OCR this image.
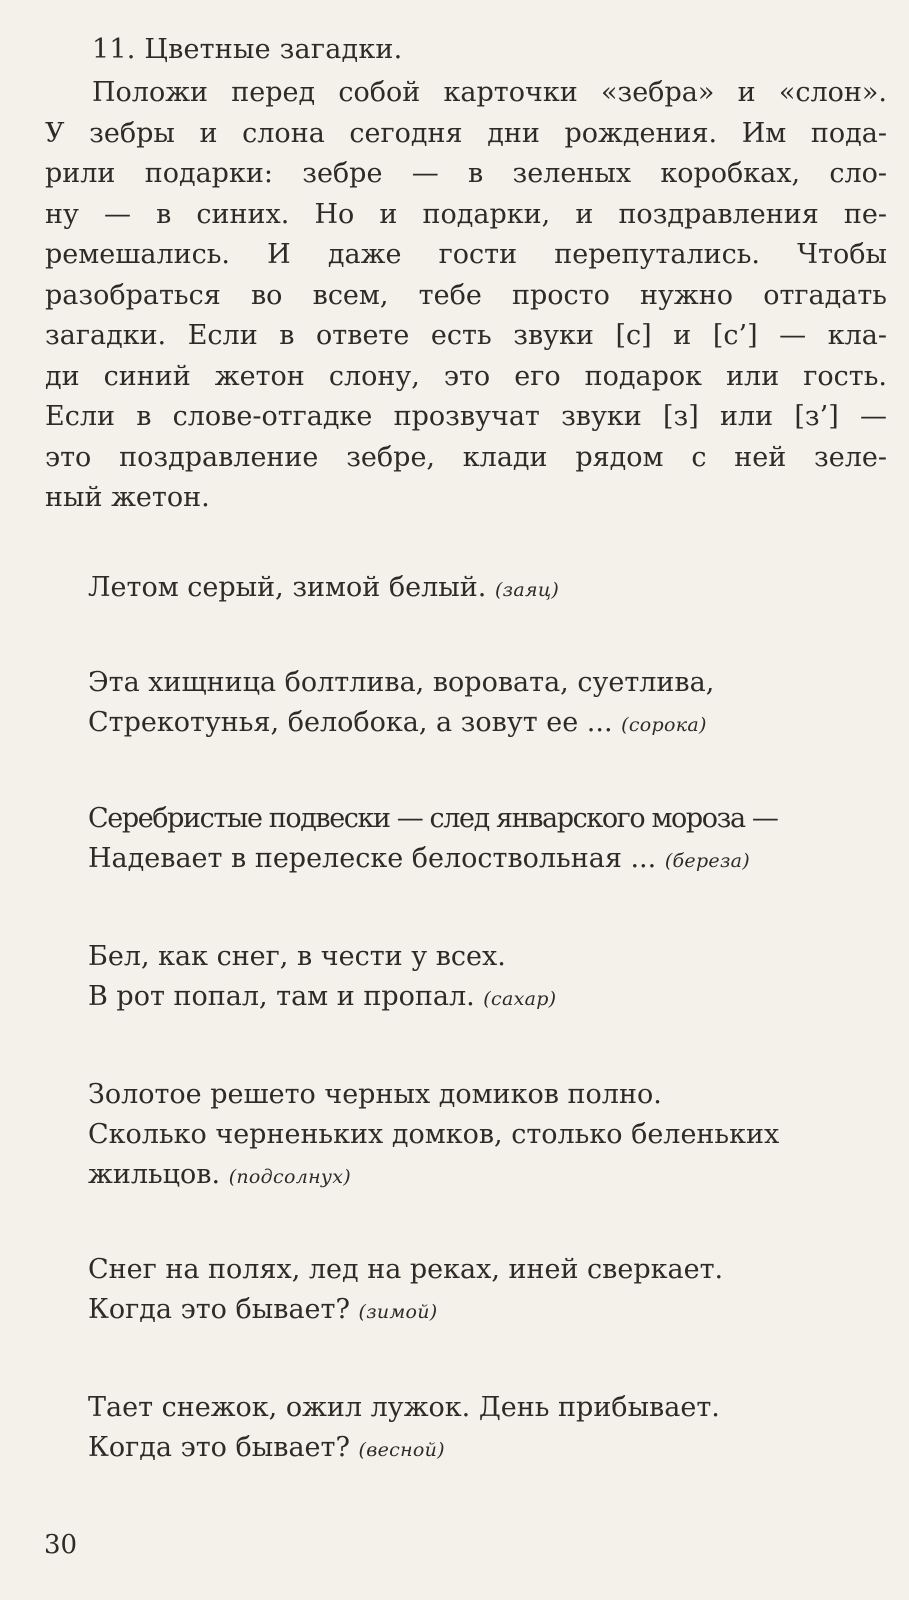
11. Цветные загадки.
Положи перед собой карточки «зебра» и «слон».
У зебры и слона сегодня дни рождения. Им пода-
рили подарки: зебре — в зеленых коробках, сло-
ну — в синих. Но и подарки, и поздравления пе-
ремешались. И даже гости перепутались. Чтобы
разобраться во всем, тебе просто нужно отгадать
загадки. Если в ответе есть звуки [с] и [с’] — кла-
ди синий жетон слону, это его подарок или гость.
Если в слове-отгадке прозвучат звуки [з] или [з’] —
это поздравление зебре, клади рядом с ней зеле-
ный жетон.
Летом серый, зимой белый. (заяц)
Эта хищница болтлива, воровата, суетлива,
Стрекотунья, белобока, а зовут ее ... (сорока)
Серебристые подвески — след январского мороза —
Надевает в перелеске белоствольная ... (береза)
Бел, как снег, в чести у всех.
В рот попал, там и пропал. (сахар)
Золотое решето черных домиков полно.
Сколько черненьких домков, столько беленьких
жильцов. (подсолнух)
Снег на полях, лед на реках, иней сверкает.
Когда это бывает? (зимой)
Тает снежок, ожил лужок. День прибывает.
Когда это бывает? (весной)
30
